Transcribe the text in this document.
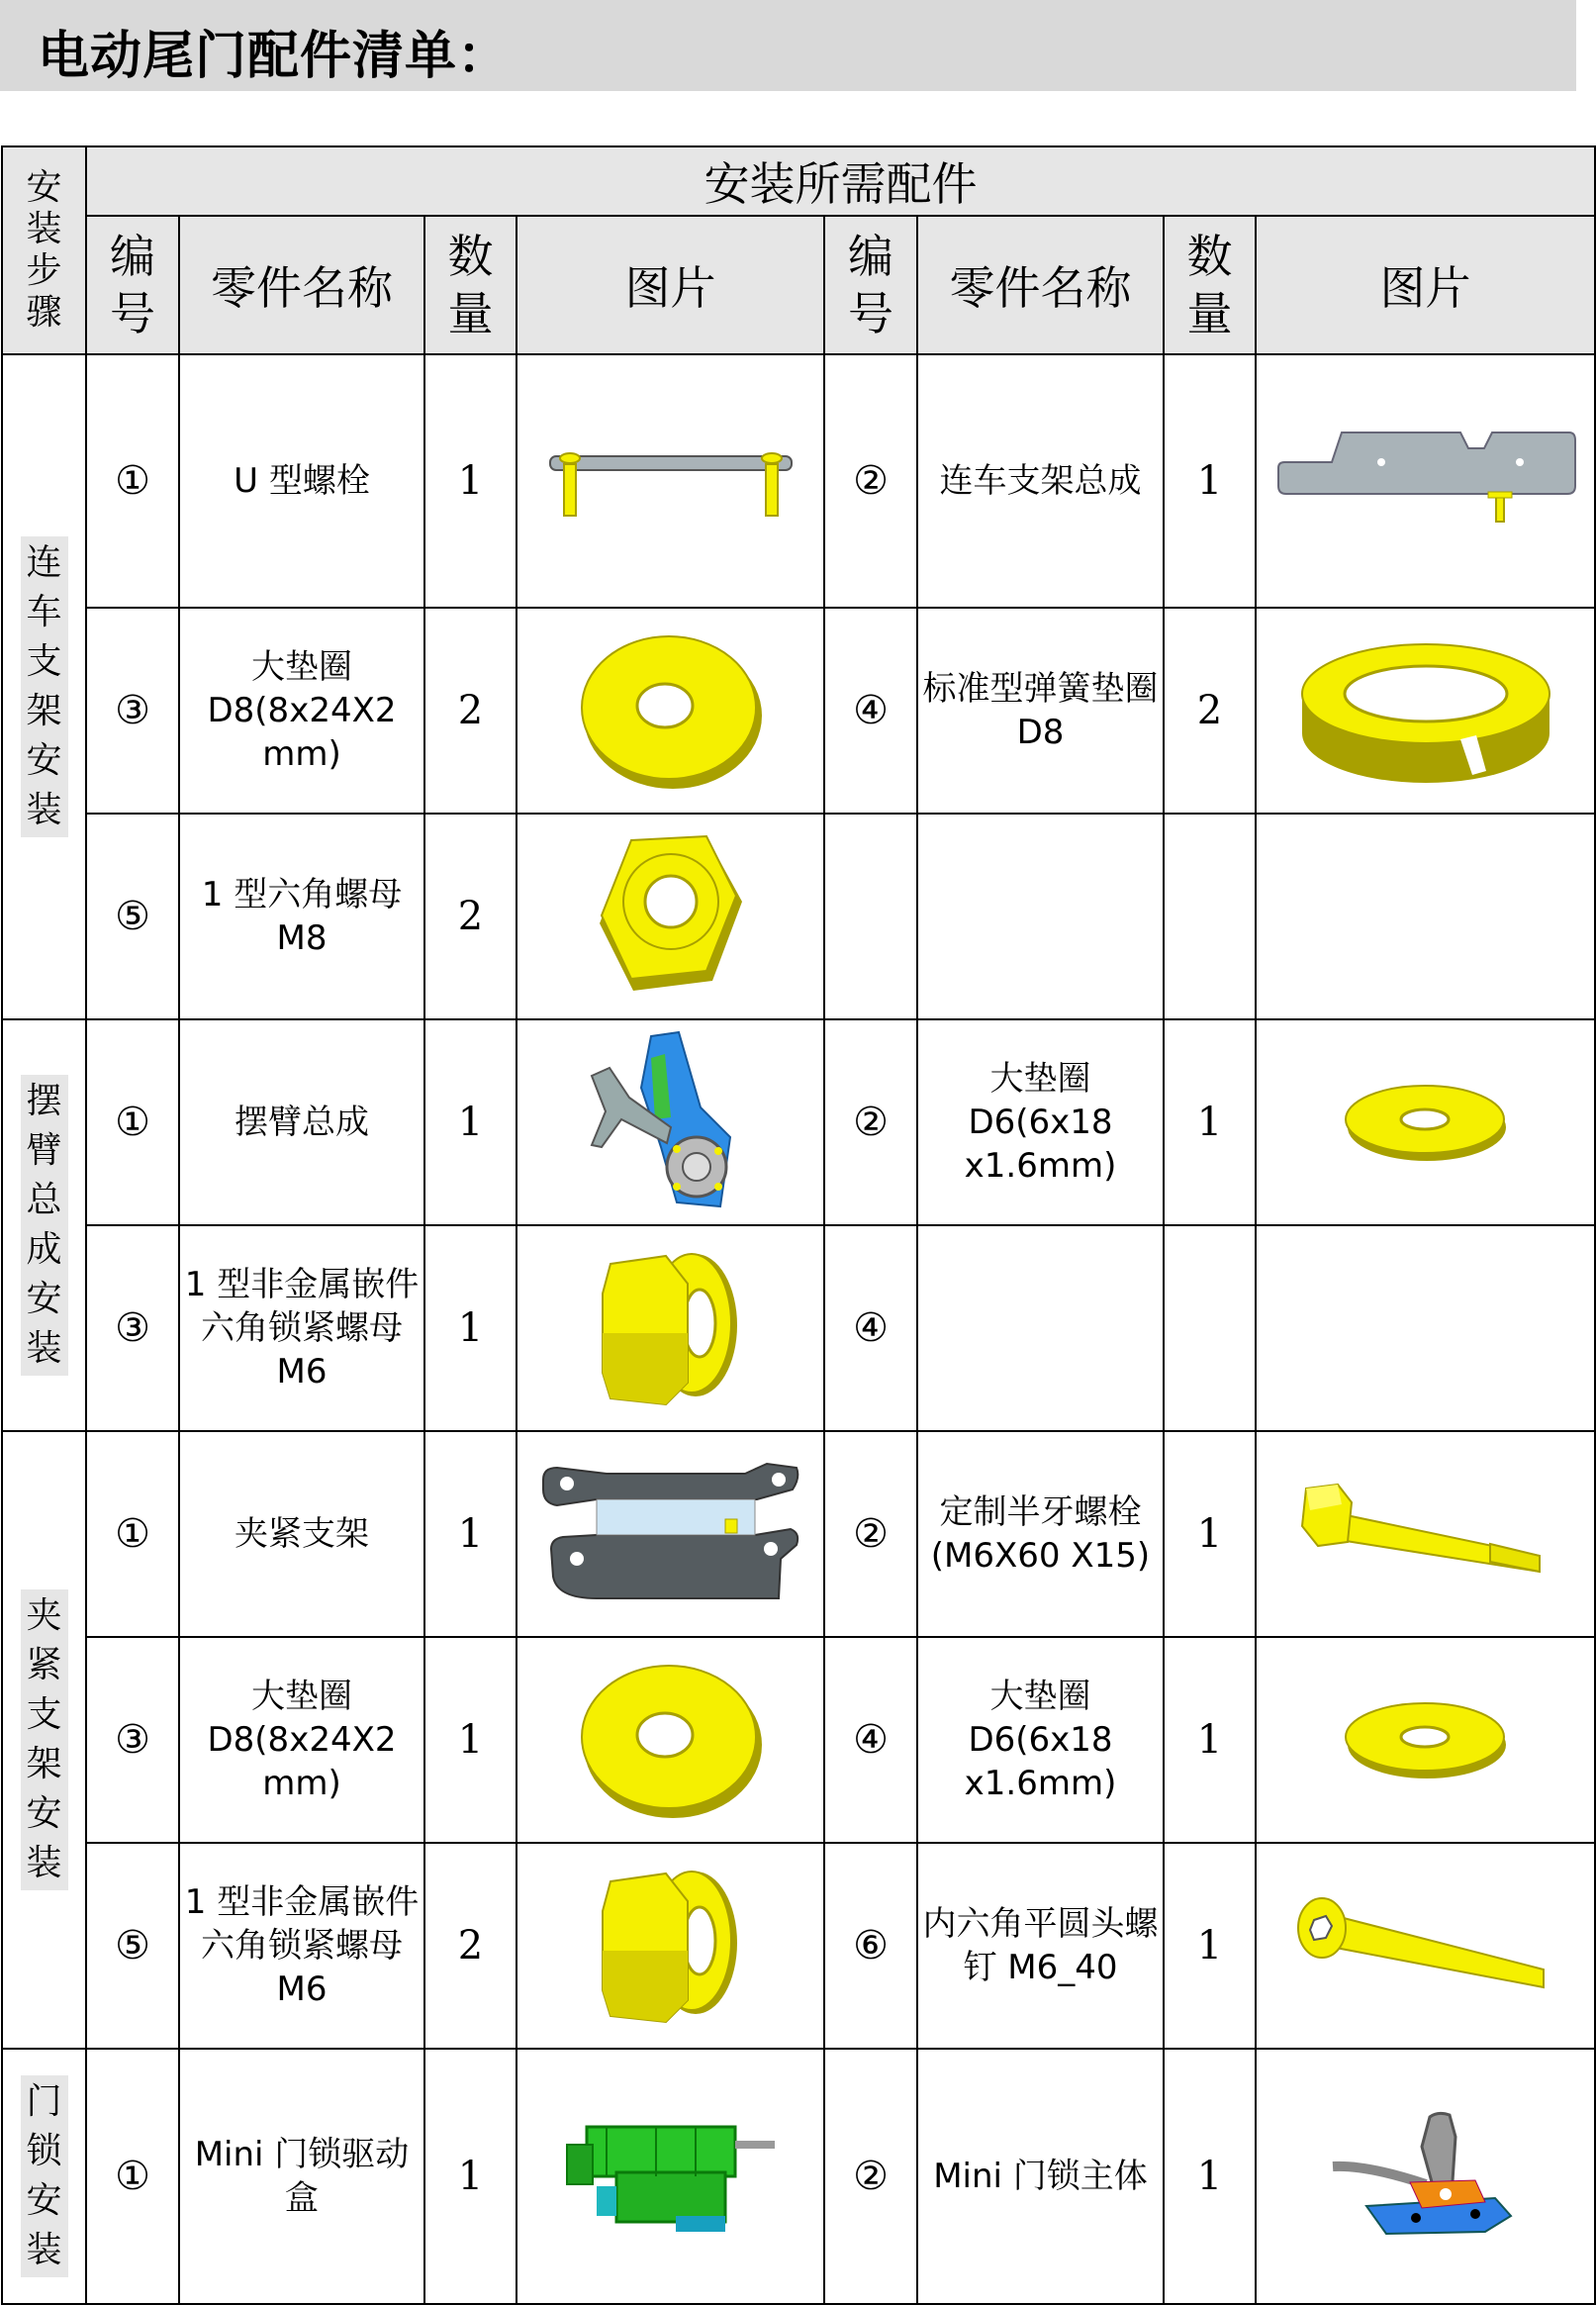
电动尾门配件清单：
安装步骤	安装所需配件							
	编号	零件名称	数量	图片	编号	零件名称	数量	图片
连车支架安装	①	U 型螺栓	1		②	连车支架总成	1	

	③	大垫圈 D8(8x24X2 mm)	2		④	标准型弹簧垫圈 D8	2	

	⑤	1 型六角螺母 M8	2	

摆臂总成安装	①	摆臂总成	1		②	大垫圈 D6(6x18 x1.6mm)	1	

	③	1 型非金属嵌件六角锁紧螺母 M6	1		④			
夹紧支架安装	①	夹紧支架	1		②	定制半牙螺栓(M6X60 X15)	1	

	③	大垫圈 D8(8x24X2 mm)	1		④	大垫圈 D6(6x18 x1.6mm)	1	

	⑤	1 型非金属嵌件六角锁紧螺母 M6	2		⑥	内六角平圆头螺钉 M6_40	1	

门锁安装	①	Mini 门锁驱动盒	1		②	Mini 门锁主体	1	
